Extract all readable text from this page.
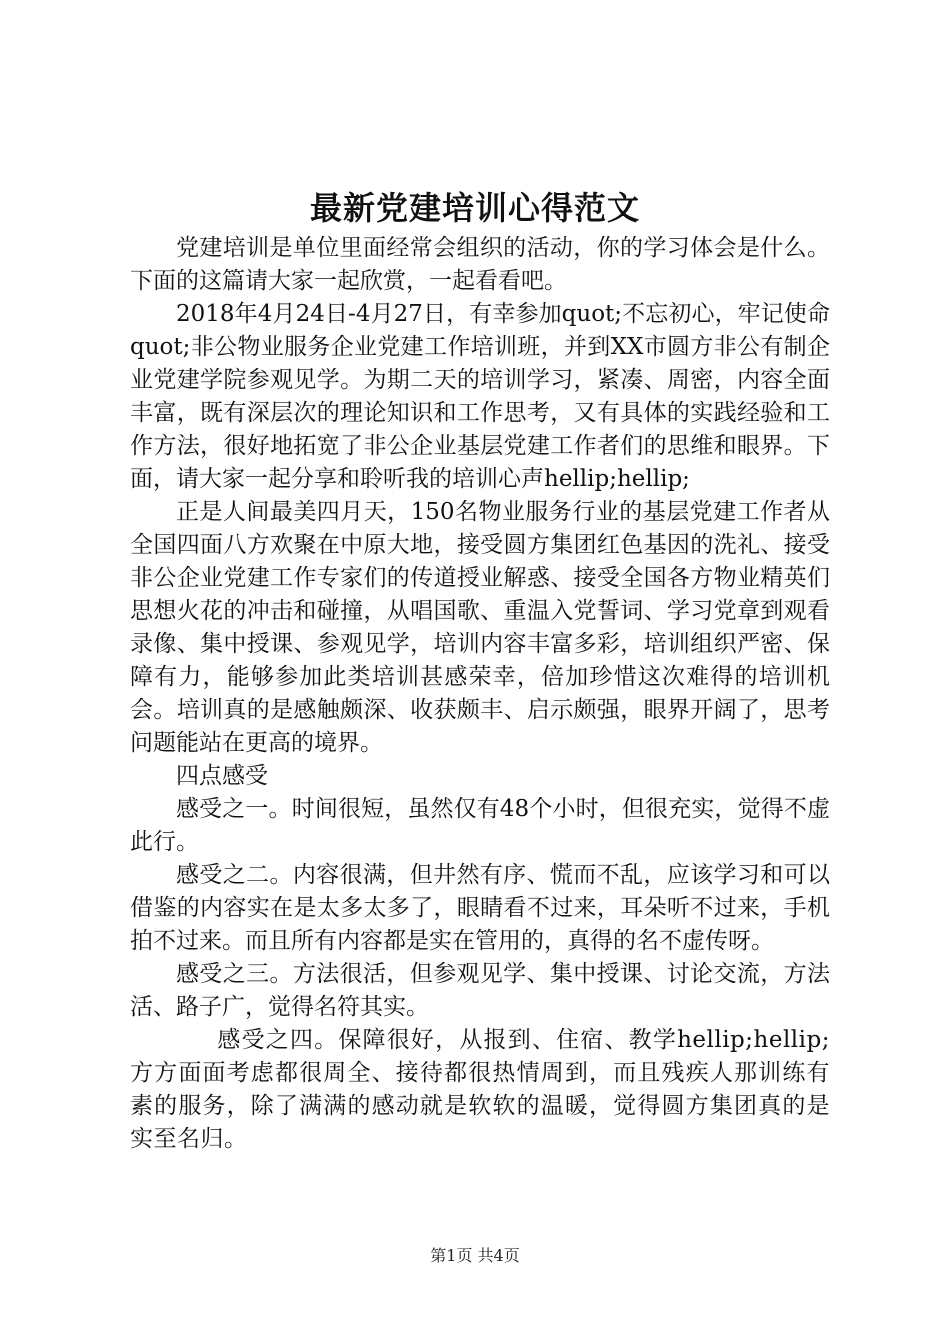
最新党建培训心得范文

党建培训是单位里面经常会组织的活动，你的学习体会是什么。下面的这篇请大家一起欣赏，一起看看吧。

2018年4月24日-4月27日，有幸参加quot;不忘初心，牢记使命quot;非公物业服务企业党建工作培训班，并到XX市圆方非公有制企业党建学院参观见学。为期二天的培训学习，紧凑、周密，内容全面丰富，既有深层次的理论知识和工作思考，又有具体的实践经验和工作方法，很好地拓宽了非公企业基层党建工作者们的思维和眼界。下面，请大家一起分享和聆听我的培训心声hellip;hellip;

正是人间最美四月天，150名物业服务行业的基层党建工作者从全国四面八方欢聚在中原大地，接受圆方集团红色基因的洗礼、接受非公企业党建工作专家们的传道授业解惑、接受全国各方物业精英们思想火花的冲击和碰撞，从唱国歌、重温入党誓词、学习党章到观看录像、集中授课、参观见学，培训内容丰富多彩，培训组织严密、保障有力，能够参加此类培训甚感荣幸，倍加珍惜这次难得的培训机会。培训真的是感触颇深、收获颇丰、启示颇强，眼界开阔了，思考问题能站在更高的境界。

四点感受

感受之一。时间很短，虽然仅有48个小时，但很充实，觉得不虚此行。

感受之二。内容很满，但井然有序、慌而不乱，应该学习和可以借鉴的内容实在是太多太多了，眼睛看不过来，耳朵听不过来，手机拍不过来。而且所有内容都是实在管用的，真得的名不虚传呀。

感受之三。方法很活，但参观见学、集中授课、讨论交流，方法活、路子广，觉得名符其实。

感受之四。保障很好，从报到、住宿、教学hellip;hellip;方方面面考虑都很周全、接待都很热情周到，而且残疾人那训练有素的服务，除了满满的感动就是软软的温暖，觉得圆方集团真的是实至名归。

第1页 共4页
